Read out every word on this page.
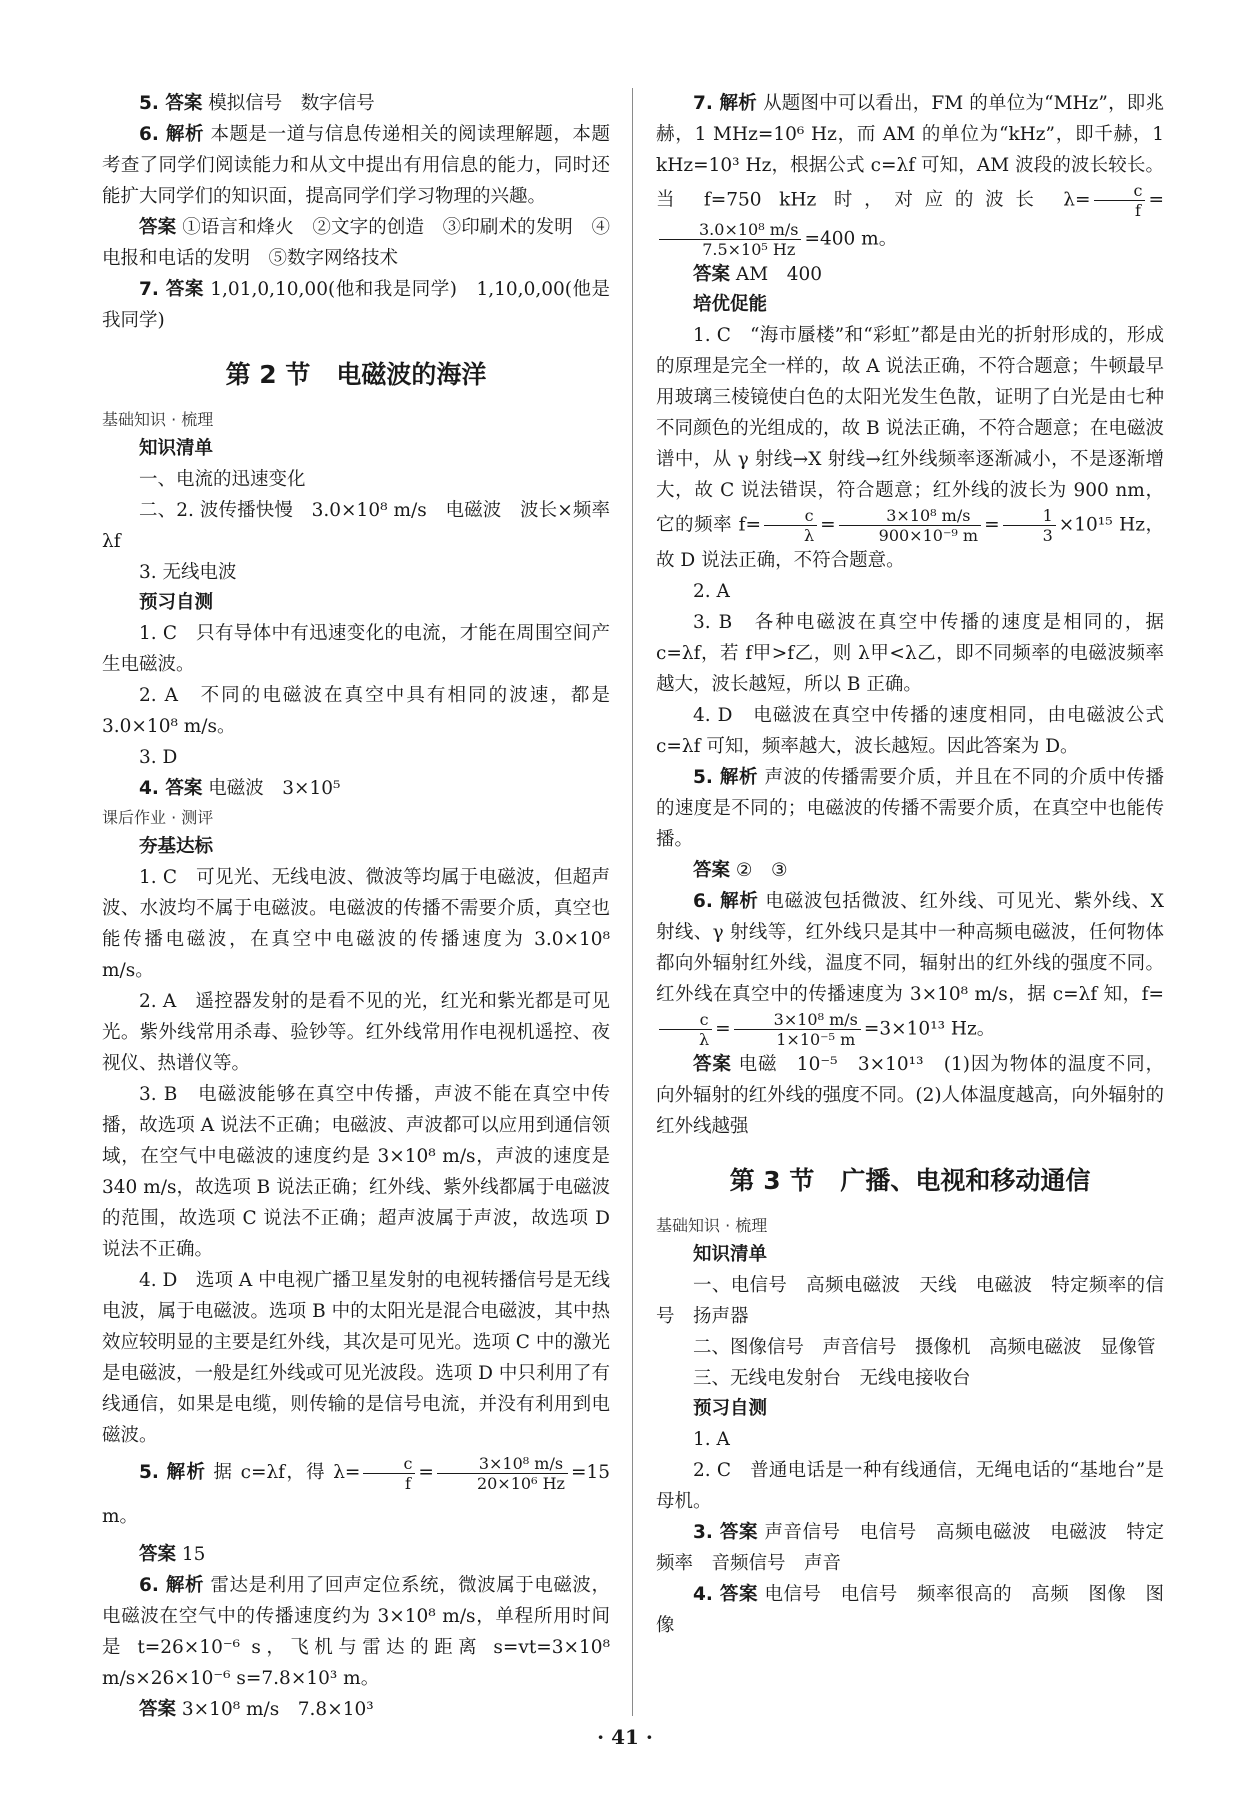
5. 答案 模拟信号　数字信号

6. 解析 本题是一道与信息传递相关的阅读理解题，本题考查了同学们阅读能力和从文中提出有用信息的能力，同时还能扩大同学们的知识面，提高同学们学习物理的兴趣。

答案 ①语言和烽火　②文字的创造　③印刷术的发明　④电报和电话的发明　⑤数字网络技术

7. 答案 1,01,0,10,00(他和我是同学)　1,10,0,00(他是我同学)

第 2 节 电磁波的海洋
基础知识 · 梳理
知识清单

一、电流的迅速变化

二、2. 波传播快慢　3.0×10⁸ m/s　电磁波　波长×频率　λf

3. 无线电波

预习自测

1. C　只有导体中有迅速变化的电流，才能在周围空间产生电磁波。

2. A　不同的电磁波在真空中具有相同的波速，都是 3.0×10⁸ m/s。

3. D

4. 答案 电磁波　3×10⁵

课后作业 · 测评
夯基达标

1. C　可见光、无线电波、微波等均属于电磁波，但超声波、水波均不属于电磁波。电磁波的传播不需要介质，真空也能传播电磁波，在真空中电磁波的传播速度为 3.0×10⁸ m/s。

2. A　遥控器发射的是看不见的光，红光和紫光都是可见光。紫外线常用杀毒、验钞等。红外线常用作电视机遥控、夜视仪、热谱仪等。

3. B　电磁波能够在真空中传播，声波不能在真空中传播，故选项 A 说法不正确；电磁波、声波都可以应用到通信领域，在空气中电磁波的速度约是 3×10⁸ m/s，声波的速度是 340 m/s，故选项 B 说法正确；红外线、紫外线都属于电磁波的范围，故选项 C 说法不正确；超声波属于声波，故选项 D 说法不正确。

4. D　选项 A 中电视广播卫星发射的电视转播信号是无线电波，属于电磁波。选项 B 中的太阳光是混合电磁波，其中热效应较明显的主要是红外线，其次是可见光。选项 C 中的激光是电磁波，一般是红外线或可见光波段。选项 D 中只利用了有线通信，如果是电缆，则传输的是信号电流，并没有利用到电磁波。

5. 解析 据 c=λf，得 $\lambda= \frac{c}{f} = \frac{\text{3×10⁸ m/s}}{\text{20×10⁶ Hz}} =15$ m。

答案 15

6. 解析 雷达是利用了回声定位系统，微波属于电磁波，电磁波在空气中的传播速度约为 3×10⁸ m/s，单程所用时间是 t=26×10⁻⁶ s，飞机与雷达的距离 s=vt=3×10⁸ m/s×26×10⁻⁶ s=7.8×10³ m。

答案 3×10⁸ m/s　7.8×10³

7. 解析 从题图中可以看出，FM 的单位为“MHz”，即兆赫，1 MHz=10⁶ Hz，而 AM 的单位为“kHz”，即千赫，1 kHz=10³ Hz，根据公式 c=λf 可知，AM 波段的波长较长。当 f=750 kHz 时，对应的波长 $\lambda= \frac{c}{f}$ =
$\frac{\text{3.0×10⁸ m/s}}{\text{7.5×10⁵ Hz}} =400$ m。

答案 AM　400

培优促能

1. C　“海市蜃楼”和“彩虹”都是由光的折射形成的，形成的原理是完全一样的，故 A 说法正确，不符合题意；牛顿最早用玻璃三棱镜使白色的太阳光发生色散，证明了白光是由七种不同颜色的光组成的，故 B 说法正确，不符合题意；在电磁波谱中，从 γ 射线→X 射线→红外线频率逐渐减小，不是逐渐增大，故 C 说法错误，符合题意；红外线的波长为 900 nm，它的频率 $f= \frac{c}{\lambda} = \frac{\text{3×10⁸ m/s}}{\text{900×10⁻⁹ m}} = \frac{1}{3} \times 10^{15}$ Hz，故 D 说法正确，不符合题意。

2. A

3. B　各种电磁波在真空中传播的速度是相同的，据 c=λf，若 f甲>f乙，则 λ甲<λ乙，即不同频率的电磁波频率越大，波长越短，所以 B 正确。

4. D　电磁波在真空中传播的速度相同，由电磁波公式 c=λf 可知，频率越大，波长越短。因此答案为 D。

5. 解析 声波的传播需要介质，并且在不同的介质中传播的速度是不同的；电磁波的传播不需要介质，在真空中也能传播。

答案 ②　③

6. 解析 电磁波包括微波、红外线、可见光、紫外线、X 射线、γ 射线等，红外线只是其中一种高频电磁波，任何物体都向外辐射红外线，温度不同，辐射出的红外线的强度不同。红外线在真空中的传播速度为 3×10⁸ m/s，据 c=λf 知，f=
$\frac{c}{\lambda} = \frac{\text{3×10⁸ m/s}}{\text{1×10⁻⁵ m}} =3\times 10^{13}$ Hz。

答案 电磁　10⁻⁵　3×10¹³　(1)因为物体的温度不同，向外辐射的红外线的强度不同。(2)人体温度越高，向外辐射的红外线越强

第 3 节 广播、电视和移动通信
基础知识 · 梳理
知识清单

一、电信号　高频电磁波　天线　电磁波　特定频率的信号　扬声器

二、图像信号　声音信号　摄像机　高频电磁波　显像管

三、无线电发射台　无线电接收台

预习自测

1. A

2. C　普通电话是一种有线通信，无绳电话的“基地台”是母机。

3. 答案 声音信号　电信号　高频电磁波　电磁波　特定频率　音频信号　声音

4. 答案 电信号　电信号　频率很高的　高频　图像　图像

· 41 ·
